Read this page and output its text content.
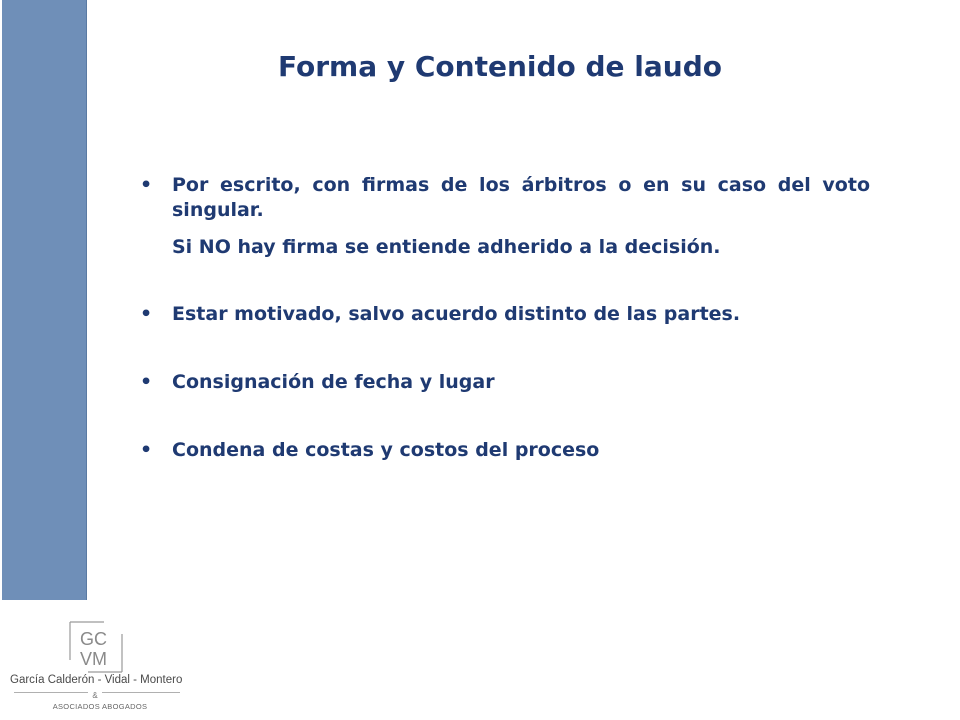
Forma y Contenido de laudo
• Por escrito, con firmas de los árbitros o en su caso del voto singular.
Si NO hay firma se entiende adherido a la decisión.
• Estar motivado, salvo acuerdo distinto de las partes.
• Consignación de fecha y lugar
• Condena de costas y costos del proceso
GC
VM
García Calderón - Vidal - Montero
&
ASOCIADOS ABOGADOS
